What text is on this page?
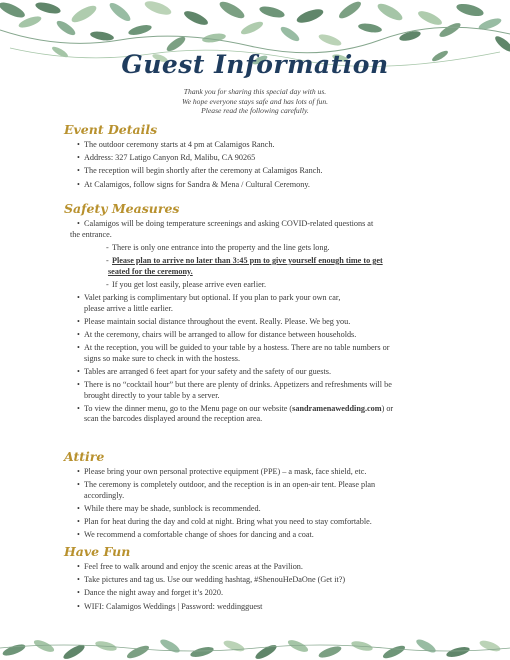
Guest Information
Thank you for sharing this special day with us.
We hope everyone stays safe and has lots of fun.
Please read the following carefully.
Event Details
• The outdoor ceremony starts at 4 pm at Calamigos Ranch.
• Address: 327 Latigo Canyon Rd, Malibu, CA 90265
• The reception will begin shortly after the ceremony at Calamigos Ranch.
• At Calamigos, follow signs for Sandra & Mena / Cultural Ceremony.
Safety Measures
• Calamigos will be doing temperature screenings and asking COVID-related questions at
the entrance.
- There is only one entrance into the property and the line gets long.
- Please plan to arrive no later than 3:45 pm to give yourself enough time to get
seated for the ceremony.
- If you get lost easily, please arrive even earlier.
• Valet parking is complimentary but optional. If you plan to park your own car,
please arrive a little earlier.
• Please maintain social distance throughout the event. Really. Please. We beg you.
• At the ceremony, chairs will be arranged to allow for distance between households.
• At the reception, you will be guided to your table by a hostess. There are no table numbers or
signs so make sure to check in with the hostess.
• Tables are arranged 6 feet apart for your safety and the safety of our guests.
• There is no “cocktail hour” but there are plenty of drinks. Appetizers and refreshments will be
brought directly to your table by a server.
• To view the dinner menu, go to the Menu page on our website (sandramenawedding.com) or
scan the barcodes displayed around the reception area.
Attire
• Please bring your own personal protective equipment (PPE) – a mask, face shield, etc.
• The ceremony is completely outdoor, and the reception is in an open-air tent. Please plan
accordingly.
• While there may be shade, sunblock is recommended.
• Plan for heat during the day and cold at night. Bring what you need to stay comfortable.
• We recommend a comfortable change of shoes for dancing and a coat.
Have Fun
• Feel free to walk around and enjoy the scenic areas at the Pavilion.
• Take pictures and tag us. Use our wedding hashtag, #ShenouHeDaOne (Get it?)
• Dance the night away and forget it’s 2020.
• WIFI: Calamigos Weddings | Password: weddingguest
